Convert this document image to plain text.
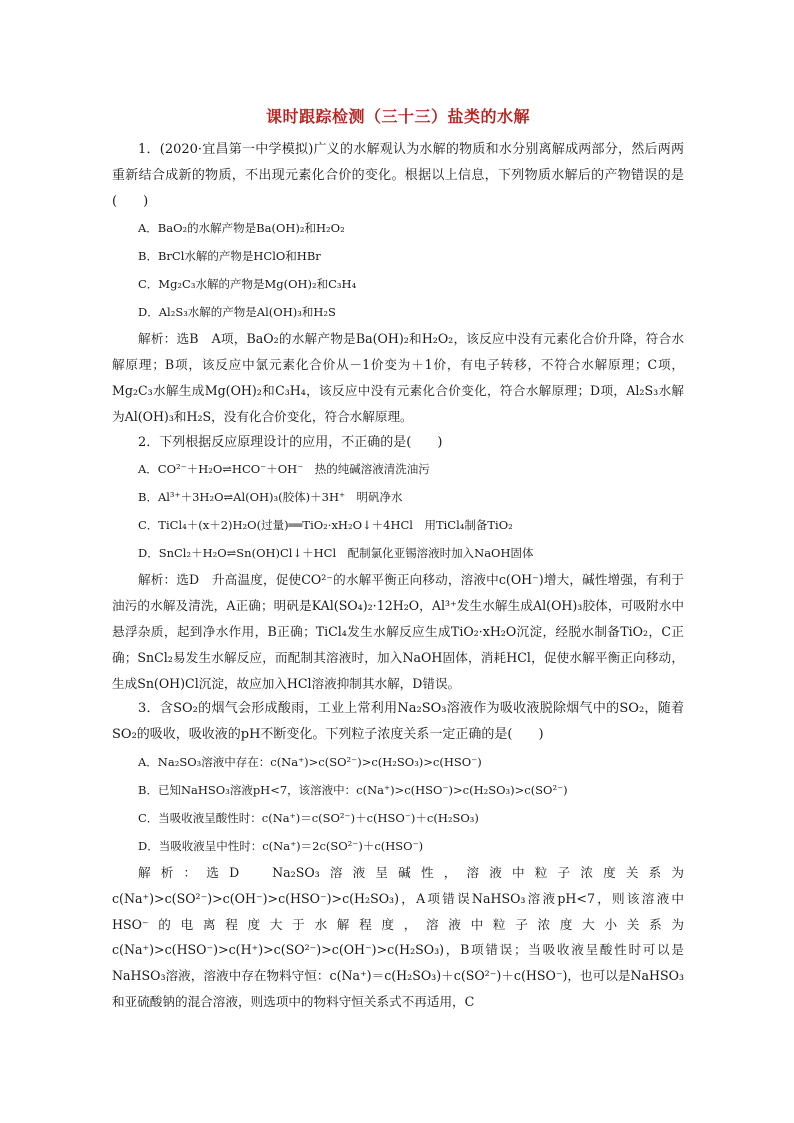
课时跟踪检测（三十三）盐类的水解

1．(2020·宜昌第一中学模拟)广义的水解观认为水解的物质和水分别离解成两部分，然后两两重新结合成新的物质，不出现元素化合价的变化。根据以上信息，下列物质水解后的产物错误的是(　　)

A．BaO₂的水解产物是Ba(OH)₂和H₂O₂

B．BrCl水解的产物是HClO和HBr

C．Mg₂C₃水解的产物是Mg(OH)₂和C₃H₄

D．Al₂S₃水解的产物是Al(OH)₃和H₂S

解析：选B　A项，BaO₂的水解产物是Ba(OH)₂和H₂O₂，该反应中没有元素化合价升降，符合水解原理；B项，该反应中氯元素化合价从－1价变为＋1价，有电子转移，不符合水解原理；C项，Mg₂C₃水解生成Mg(OH)₂和C₃H₄，该反应中没有元素化合价变化，符合水解原理；D项，Al₂S₃水解为Al(OH)₃和H₂S，没有化合价变化，符合水解原理。

2．下列根据反应原理设计的应用，不正确的是(　　)

A．CO²⁻＋H₂O⇌HCO⁻＋OH⁻　热的纯碱溶液清洗油污

B．Al³⁺＋3H₂O⇌Al(OH)₃(胶体)＋3H⁺　明矾净水

C．TiCl₄＋(x＋2)H₂O(过量)══TiO₂·xH₂O↓＋4HCl　用TiCl₄制备TiO₂

D．SnCl₂＋H₂O⇌Sn(OH)Cl↓＋HCl　配制氯化亚锡溶液时加入NaOH固体

解析：选D　升高温度，促使CO²⁻的水解平衡正向移动，溶液中c(OH⁻)增大，碱性增强，有利于油污的水解及清洗，A正确；明矾是KAl(SO₄)₂·12H₂O，Al³⁺发生水解生成Al(OH)₃胶体，可吸附水中悬浮杂质，起到净水作用，B正确；TiCl₄发生水解反应生成TiO₂·xH₂O沉淀，经脱水制备TiO₂，C正确；SnCl₂易发生水解反应，而配制其溶液时，加入NaOH固体，消耗HCl，促使水解平衡正向移动，生成Sn(OH)Cl沉淀，故应加入HCl溶液抑制其水解，D错误。

3．含SO₂的烟气会形成酸雨，工业上常利用Na₂SO₃溶液作为吸收液脱除烟气中的SO₂，随着SO₂的吸收，吸收液的pH不断变化。下列粒子浓度关系一定正确的是(　　)

A．Na₂SO₃溶液中存在：c(Na⁺)>c(SO²⁻)>c(H₂SO₃)>c(HSO⁻)

B．已知NaHSO₃溶液pH<7，该溶液中：c(Na⁺)>c(HSO⁻)>c(H₂SO₃)>c(SO²⁻)

C．当吸收液呈酸性时：c(Na⁺)＝c(SO²⁻)＋c(HSO⁻)＋c(H₂SO₃)

D．当吸收液呈中性时：c(Na⁺)＝2c(SO²⁻)＋c(HSO⁻)

解析：选D　Na₂SO₃溶液呈碱性，溶液中粒子浓度关系为c(Na⁺)>c(SO²⁻)>c(OH⁻)>c(HSO⁻)>c(H₂SO₃)，A项错误NaHSO₃溶液pH<7，则该溶液中HSO⁻的电离程度大于水解程度，溶液中粒子浓度大小关系为c(Na⁺)>c(HSO⁻)>c(H⁺)>c(SO²⁻)>c(OH⁻)>c(H₂SO₃)，B项错误；当吸收液呈酸性时可以是NaHSO₃溶液，溶液中存在物料守恒：c(Na⁺)＝c(H₂SO₃)＋c(SO²⁻)＋c(HSO⁻)，也可以是NaHSO₃和亚硫酸钠的混合溶液，则选项中的物料守恒关系式不再适用，C
